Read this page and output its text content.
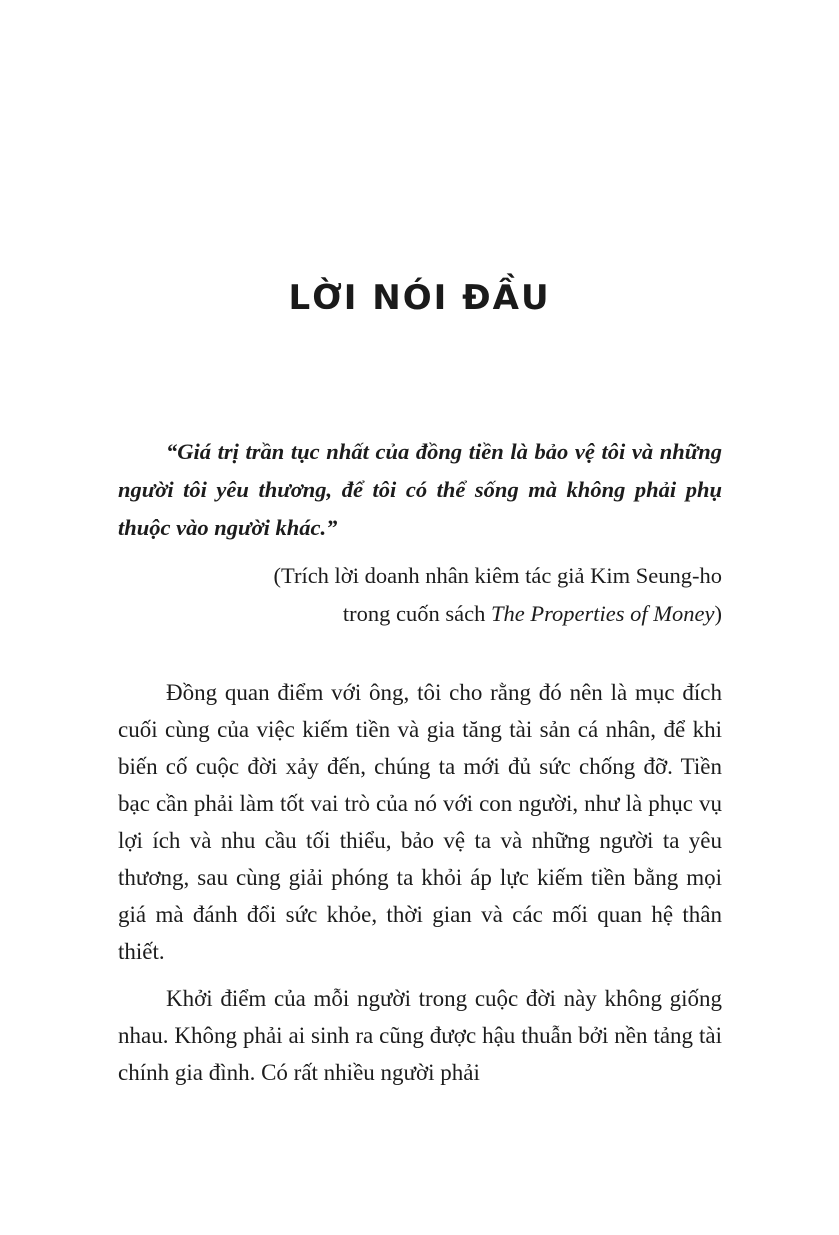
LỜI NÓI ĐẦU

“Giá trị trần tục nhất của đồng tiền là bảo vệ tôi và những người tôi yêu thương, để tôi có thể sống mà không phải phụ thuộc vào người khác.”

(Trích lời doanh nhân kiêm tác giả Kim Seung-ho
trong cuốn sách The Properties of Money)

Đồng quan điểm với ông, tôi cho rằng đó nên là mục đích cuối cùng của việc kiếm tiền và gia tăng tài sản cá nhân, để khi biến cố cuộc đời xảy đến, chúng ta mới đủ sức chống đỡ. Tiền bạc cần phải làm tốt vai trò của nó với con người, như là phục vụ lợi ích và nhu cầu tối thiểu, bảo vệ ta và những người ta yêu thương, sau cùng giải phóng ta khỏi áp lực kiếm tiền bằng mọi giá mà đánh đổi sức khỏe, thời gian và các mối quan hệ thân thiết.

Khởi điểm của mỗi người trong cuộc đời này không giống nhau. Không phải ai sinh ra cũng được hậu thuẫn bởi nền tảng tài chính gia đình. Có rất nhiều người phải
